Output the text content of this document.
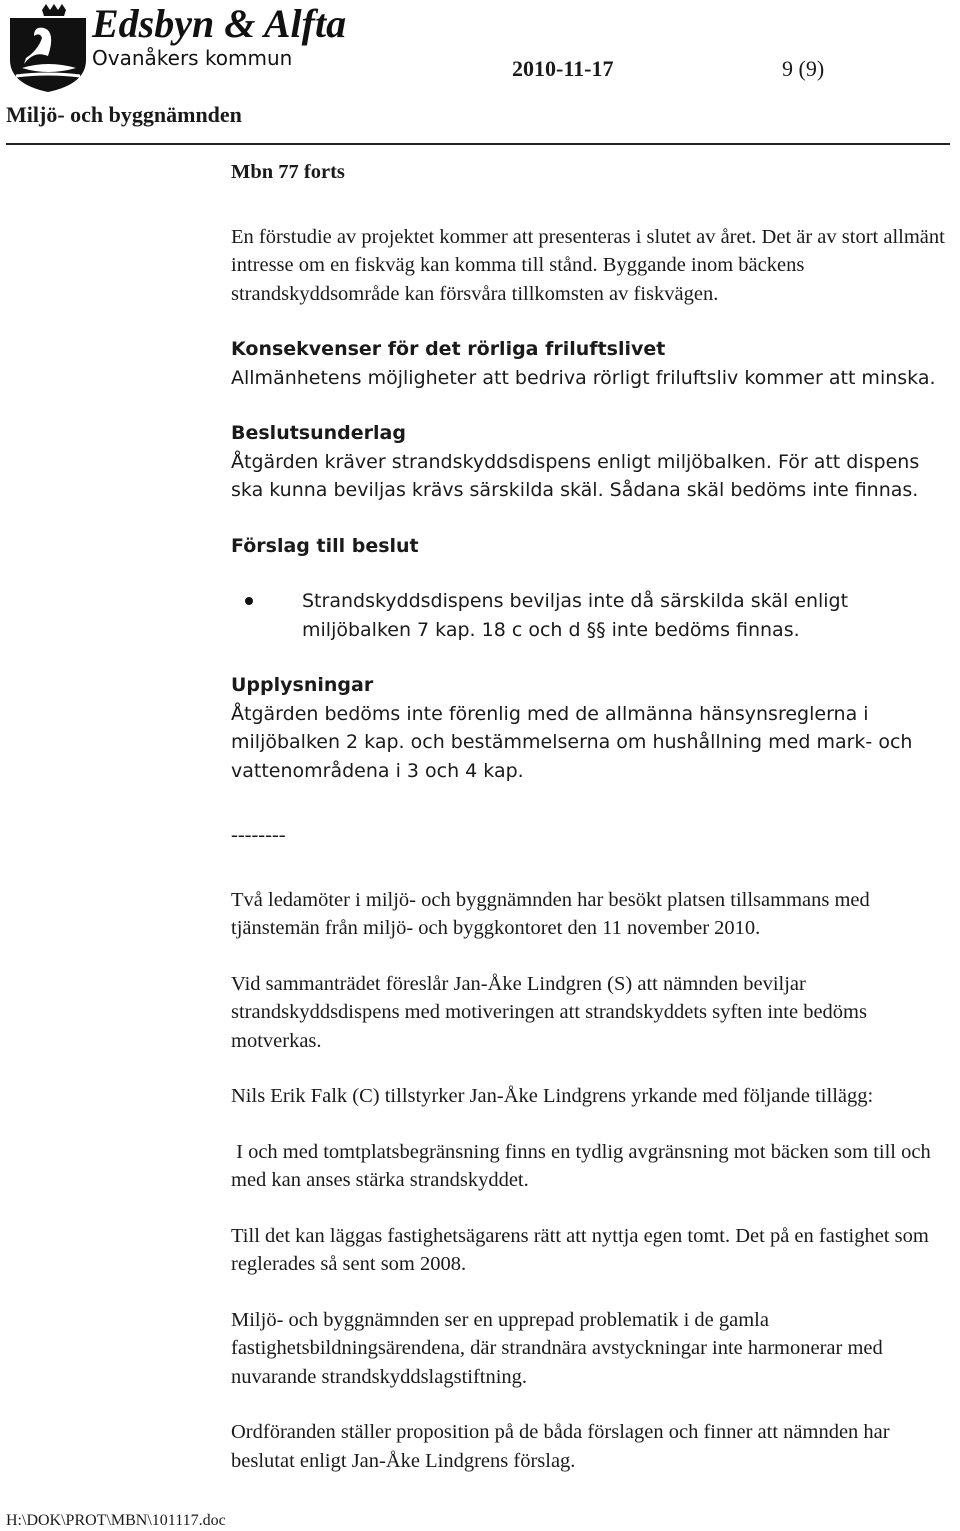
Edsbyn & Alfta
Ovanåkers kommun	2010-11-17	9 (9)
Miljö- och byggnämnden

Mbn 77 forts

En förstudie av projektet kommer att presenteras i slutet av året. Det är av stort allmänt intresse om en fiskväg kan komma till stånd. Byggande inom bäckens strandskyddsområde kan försvåra tillkomsten av fiskvägen.

Konsekvenser för det rörliga friluftslivet

Allmänhetens möjligheter att bedriva rörligt friluftsliv kommer att minska.

Beslutsunderlag

Åtgärden kräver strandskyddsdispens enligt miljöbalken. För att dispens ska kunna beviljas krävs särskilda skäl. Sådana skäl bedöms inte finnas.

Förslag till beslut

Strandskyddsdispens beviljas inte då särskilda skäl enligt miljöbalken 7 kap. 18 c och d §§ inte bedöms finnas.

Upplysningar

Åtgärden bedöms inte förenlig med de allmänna hänsynsreglerna i miljöbalken 2 kap. och bestämmelserna om hushållning med mark- och vattenområdena i 3 och 4 kap.

--------

Två ledamöter i miljö- och byggnämnden har besökt platsen tillsammans med tjänstemän från miljö- och byggkontoret den 11 november 2010.

Vid sammanträdet föreslår Jan-Åke Lindgren (S) att nämnden beviljar strandskyddsdispens med motiveringen att strandskyddets syften inte bedöms motverkas.

Nils Erik Falk (C) tillstyrker Jan-Åke Lindgrens yrkande med följande tillägg:

I och med tomtplatsbegränsning finns en tydlig avgränsning mot bäcken som till och med kan anses stärka strandskyddet.

Till det kan läggas fastighetsägarens rätt att nyttja egen tomt. Det på en fastighet som reglerades så sent som 2008.

Miljö- och byggnämnden ser en upprepad problematik i de gamla fastighetsbildningsärendena, där strandnära avstyckningar inte harmonerar med nuvarande strandskyddslagstiftning.

Ordföranden ställer proposition på de båda förslagen och finner att nämnden har beslutat enligt Jan-Åke Lindgrens förslag.

H:\DOK\PROT\MBN\101117.doc
